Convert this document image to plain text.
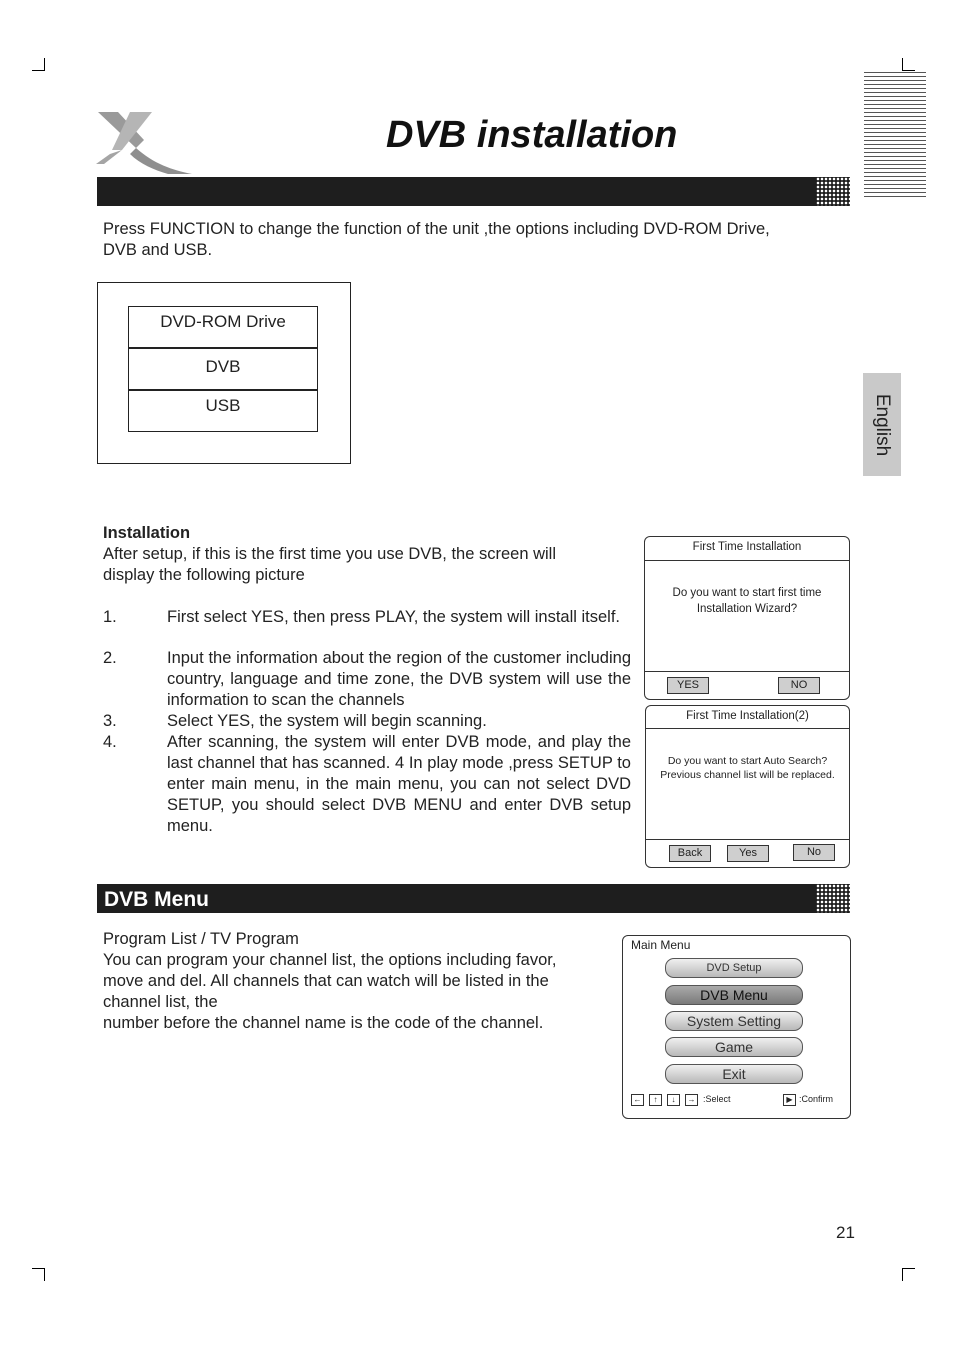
DVB installation
English
Press FUNCTION to change the function of the unit ,the options including DVD-ROM Drive,
DVB and USB.
DVD-ROM Drive
DVB
USB
Installation
After setup, if this is the first time you use DVB, the screen will
display the following picture
1.	First select YES, then press PLAY, the system will install itself.
2.	Input the information about the region of the customer including country, language and time zone, the DVB system will use the information to scan the channels
3.	Select YES, the system will begin scanning.
4.	After scanning, the system will enter DVB mode, and play the last channel that has scanned. 4 In play mode ,press SETUP to enter main menu, in the main menu, you can not select DVD SETUP, you should select DVB MENU and enter DVB setup menu.
First Time Installation
Do you want to start first time
Installation Wizard?
YES	NO
First Time Installation(2)
Do you want to start Auto Search?
Previous channel list will be replaced.
Back	Yes	No
DVB Menu
Program List / TV Program
You can program your channel list, the options including favor,
move and del. All channels that can watch will be listed in the
channel list, the
number before the channel name is the code of the channel.
Main Menu
DVD Setup
DVB Menu
System Setting
Game
Exit
←	↑	↓	→ :Select	▶ :Confirm
21
